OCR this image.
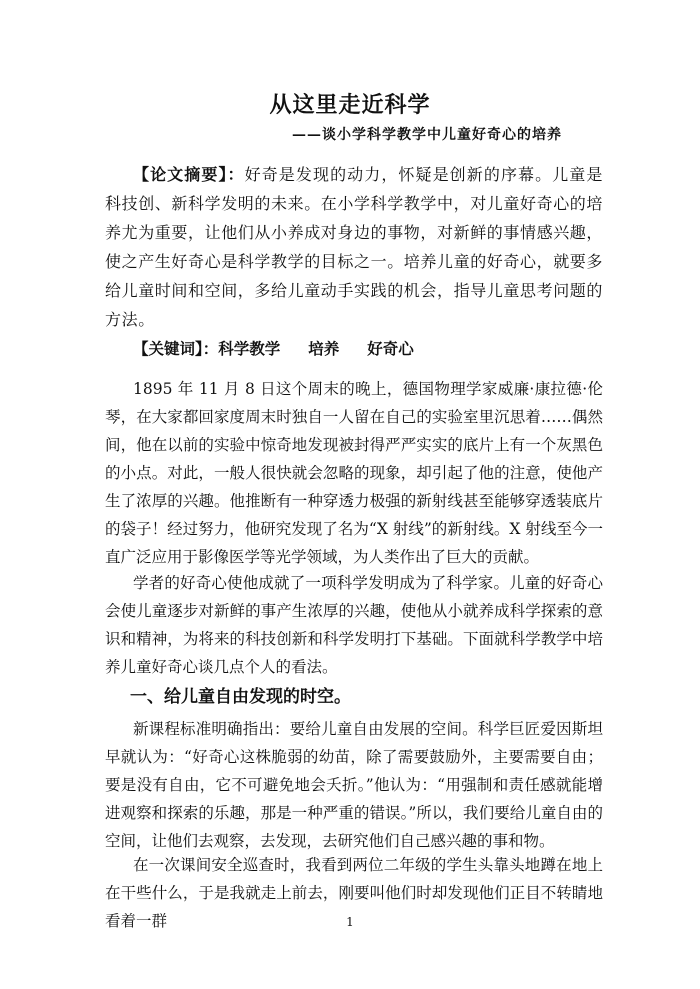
从这里走近科学
——谈小学科学教学中儿童好奇心的培养
【论文摘要】：好奇是发现的动力，怀疑是创新的序幕。儿童是科技创、新科学发明的未来。在小学科学教学中，对儿童好奇心的培养尤为重要，让他们从小养成对身边的事物，对新鲜的事情感兴趣，使之产生好奇心是科学教学的目标之一。培养儿童的好奇心，就要多给儿童时间和空间，多给儿童动手实践的机会，指导儿童思考问题的方法。
【关键词】：科学教学 培养 好奇心
1895 年 11 月 8 日这个周末的晚上，德国物理学家威廉·康拉德·伦琴，在大家都回家度周末时独自一人留在自己的实验室里沉思着……偶然间，他在以前的实验中惊奇地发现被封得严严实实的底片上有一个灰黑色的小点。对此，一般人很快就会忽略的现象，却引起了他的注意，使他产生了浓厚的兴趣。他推断有一种穿透力极强的新射线甚至能够穿透装底片的袋子！经过努力，他研究发现了名为“X 射线”的新射线。X 射线至今一直广泛应用于影像医学等光学领域，为人类作出了巨大的贡献。
学者的好奇心使他成就了一项科学发明成为了科学家。儿童的好奇心会使儿童逐步对新鲜的事产生浓厚的兴趣，使他从小就养成科学探索的意识和精神，为将来的科技创新和科学发明打下基础。下面就科学教学中培养儿童好奇心谈几点个人的看法。
一、给儿童自由发现的时空。
新课程标准明确指出：要给儿童自由发展的空间。科学巨匠爱因斯坦早就认为：“好奇心这株脆弱的幼苗，除了需要鼓励外，主要需要自由；要是没有自由，它不可避免地会夭折。”他认为：“用强制和责任感就能增进观察和探索的乐趣，那是一种严重的错误。”所以，我们要给儿童自由的空间，让他们去观察，去发现，去研究他们自己感兴趣的事和物。
在一次课间安全巡查时，我看到两位二年级的学生头靠头地蹲在地上在干些什么，于是我就走上前去，刚要叫他们时却发现他们正目不转睛地看着一群	1
